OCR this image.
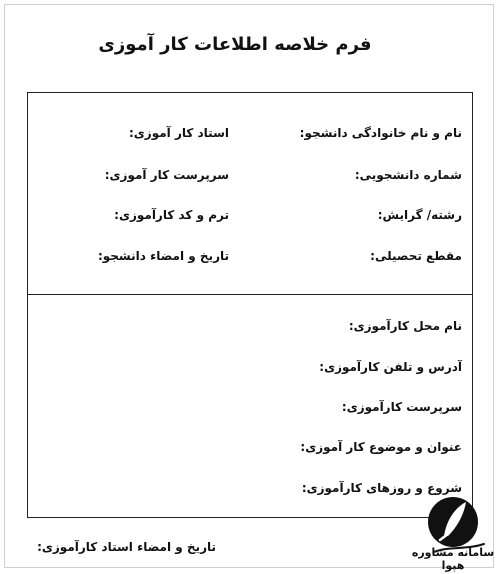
فرم خلاصه اطلاعات کار آموزی
نام و نام خانوادگی دانشجو:
شماره دانشجویی:
رشته/ گرایش:
مقطع تحصیلی:
استاد کار آموزی:
سرپرست کار آموزی:
ترم و کد کارآموزی:
تاریخ و امضاء دانشجو:
نام محل کارآموزی:
آدرس و تلفن کارآموزی:
سرپرست کارآموزی:
عنوان و موضوع کار آموزی:
شروع و روزهای کارآموزی:
تاریخ و امضاء استاد کارآموزی:	سامانه مشاوره هپوا
